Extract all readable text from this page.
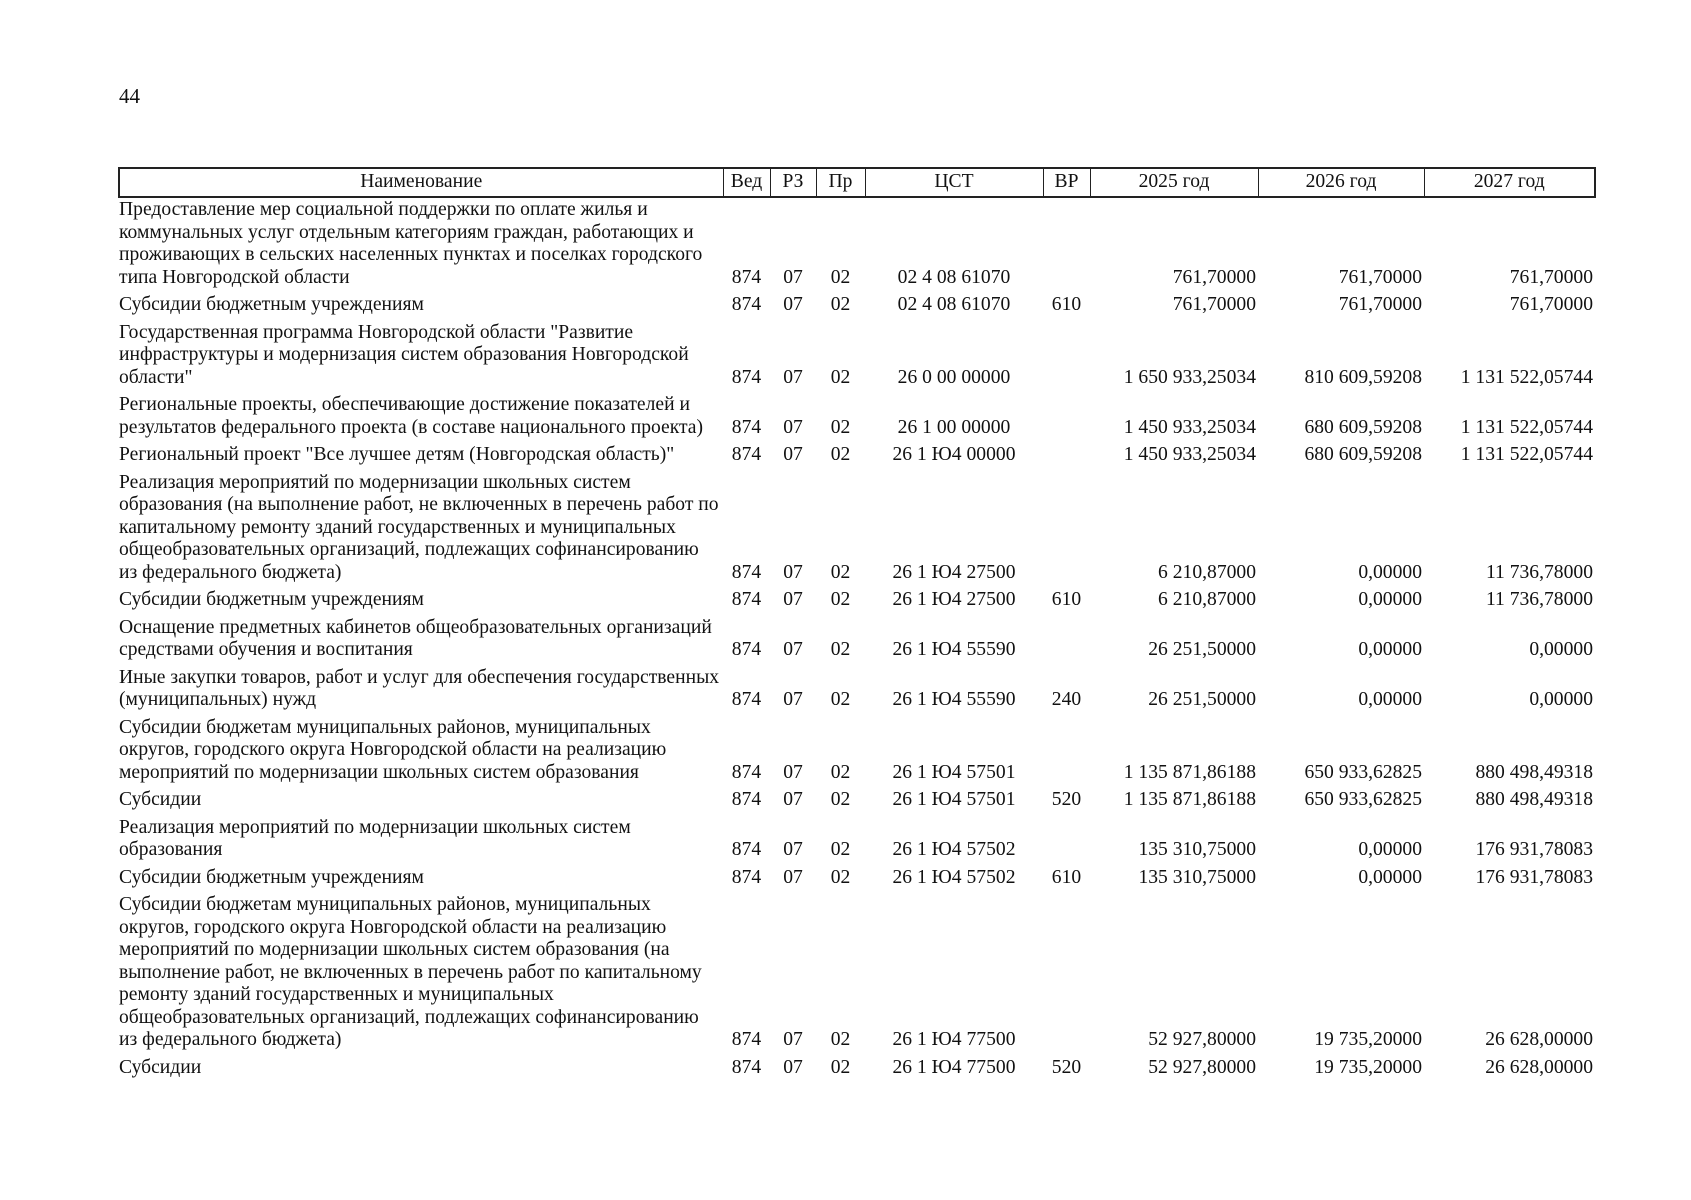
44
Наименование	Вед	РЗ	Пр	ЦСТ	ВР	2025 год	2026 год	2027 год
Предоставление мер социальной поддержки по оплате жилья и коммунальных услуг отдельным категориям граждан, работающих и проживающих в сельских населенных пунктах и поселках городского типа Новгородской области	874	07	02	02 4 08 61070		761,70000	761,70000	761,70000
Субсидии бюджетным учреждениям	874	07	02	02 4 08 61070	610	761,70000	761,70000	761,70000
Государственная программа Новгородской области "Развитие инфраструктуры и модернизация систем образования Новгородской области"	874	07	02	26 0 00 00000		1 650 933,25034	810 609,59208	1 131 522,05744
Региональные проекты, обеспечивающие достижение показателей и результатов федерального проекта (в составе национального проекта)	874	07	02	26 1 00 00000		1 450 933,25034	680 609,59208	1 131 522,05744
Региональный проект "Все лучшее детям (Новгородская область)"	874	07	02	26 1 Ю4 00000		1 450 933,25034	680 609,59208	1 131 522,05744
Реализация мероприятий по модернизации школьных систем образования (на выполнение работ, не включенных в перечень работ по капитальному ремонту зданий государственных и муниципальных общеобразовательных организаций, подлежащих софинансированию из федерального бюджета)	874	07	02	26 1 Ю4 27500		6 210,87000	0,00000	11 736,78000
Субсидии бюджетным учреждениям	874	07	02	26 1 Ю4 27500	610	6 210,87000	0,00000	11 736,78000
Оснащение предметных кабинетов общеобразовательных организаций средствами обучения и воспитания	874	07	02	26 1 Ю4 55590		26 251,50000	0,00000	0,00000
Иные закупки товаров, работ и услуг для обеспечения государственных (муниципальных) нужд	874	07	02	26 1 Ю4 55590	240	26 251,50000	0,00000	0,00000
Субсидии бюджетам муниципальных районов, муниципальных округов, городского округа Новгородской области на реализацию мероприятий по модернизации школьных систем образования	874	07	02	26 1 Ю4 57501		1 135 871,86188	650 933,62825	880 498,49318
Субсидии	874	07	02	26 1 Ю4 57501	520	1 135 871,86188	650 933,62825	880 498,49318
Реализация мероприятий по модернизации школьных систем образования	874	07	02	26 1 Ю4 57502		135 310,75000	0,00000	176 931,78083
Субсидии бюджетным учреждениям	874	07	02	26 1 Ю4 57502	610	135 310,75000	0,00000	176 931,78083
Субсидии бюджетам муниципальных районов, муниципальных округов, городского округа Новгородской области на реализацию мероприятий по модернизации школьных систем образования (на выполнение работ, не включенных в перечень работ по капитальному ремонту зданий государственных и муниципальных общеобразовательных организаций, подлежащих софинансированию из федерального бюджета)	874	07	02	26 1 Ю4 77500		52 927,80000	19 735,20000	26 628,00000
Субсидии	874	07	02	26 1 Ю4 77500	520	52 927,80000	19 735,20000	26 628,00000
